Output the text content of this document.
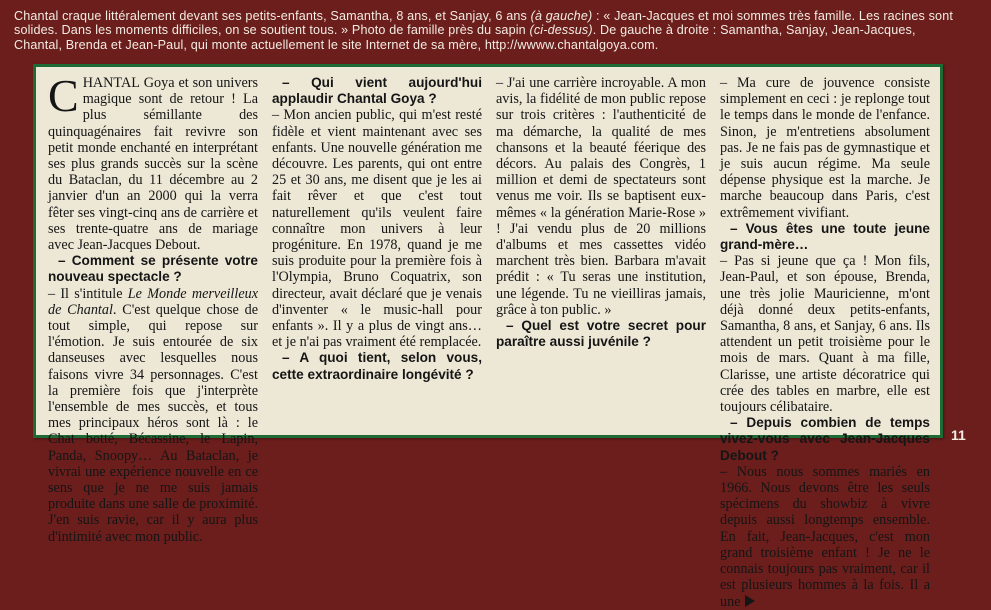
Chantal craque littéralement devant ses petits-enfants, Samantha, 8 ans, et Sanjay, 6 ans (à gauche) : « Jean-Jacques et moi sommes très famille. Les racines sont solides. Dans les moments difficiles, on se soutient tous. » Photo de famille près du sapin (ci-dessus). De gauche à droite : Samantha, Sanjay, Jean-Jacques, Chantal, Brenda et Jean-Paul, qui monte actuellement le site Internet de sa mère, http://wwww.chantalgoya.com.

CHANTAL Goya et son univers magique sont de retour ! La plus sémillante des quinquagénaires fait revivre son petit monde enchanté en interprétant ses plus grands succès sur la scène du Bataclan, du 11 décembre au 2 janvier d'un an 2000 qui la verra fêter ses vingt-cinq ans de carrière et ses trente-quatre ans de mariage avec Jean-Jacques Debout.

– Comment se présente votre nouveau spectacle ?

– Il s'intitule Le Monde merveilleux de Chantal. C'est quelque chose de tout simple, qui repose sur l'émotion. Je suis entourée de six danseuses avec lesquelles nous faisons vivre 34 personnages. C'est la première fois que j'interprète l'ensemble de mes succès, et tous mes principaux héros sont là : le Chat botté, Bécassine, le Lapin, Panda, Snoopy… Au Bataclan, je vivrai une expérience nouvelle en ce sens que je ne me suis jamais produite dans une salle de proximité. J'en suis ravie, car il y aura plus d'intimité avec mon public.

– Qui vient aujourd'hui applaudir Chantal Goya ?

– Mon ancien public, qui m'est resté fidèle et vient maintenant avec ses enfants. Une nouvelle génération me découvre. Les parents, qui ont entre 25 et 30 ans, me disent que je les ai fait rêver et que c'est tout naturellement qu'ils veulent faire connaître mon univers à leur progéniture. En 1978, quand je me suis produite pour la première fois à l'Olympia, Bruno Coquatrix, son directeur, avait déclaré que je venais d'inventer « le music-hall pour enfants ». Il y a plus de vingt ans… et je n'ai pas vraiment été remplacée.

– A quoi tient, selon vous, cette extraordinaire longévité ?

– J'ai une carrière incroyable. A mon avis, la fidélité de mon public repose sur trois critères : l'authenticité de ma démarche, la qualité de mes chansons et la beauté féerique des décors. Au palais des Congrès, 1 million et demi de spectateurs sont venus me voir. Ils se baptisent eux-mêmes « la génération Marie-Rose » ! J'ai vendu plus de 20 millions d'albums et mes cassettes vidéo marchent très bien. Barbara m'avait prédit : « Tu seras une institution, une légende. Tu ne vieilliras jamais, grâce à ton public. »

– Quel est votre secret pour paraître aussi juvénile ?

– Ma cure de jouvence consiste simplement en ceci : je replonge tout le temps dans le monde de l'enfance. Sinon, je m'entretiens absolument pas. Je ne fais pas de gymnastique et je suis aucun régime. Ma seule dépense physique est la marche. Je marche beaucoup dans Paris, c'est extrêmement vivifiant.

– Vous êtes une toute jeune grand-mère…

– Pas si jeune que ça ! Mon fils, Jean-Paul, et son épouse, Brenda, une très jolie Mauricienne, m'ont déjà donné deux petits-enfants, Samantha, 8 ans, et Sanjay, 6 ans. Ils attendent un petit troisième pour le mois de mars. Quant à ma fille, Clarisse, une artiste décoratrice qui crée des tables en marbre, elle est toujours célibataire.

– Depuis combien de temps vivez-vous avec Jean-Jacques Debout ?

– Nous nous sommes mariés en 1966. Nous devons être les seuls spécimens du showbiz à vivre depuis aussi longtemps ensemble. En fait, Jean-Jacques, c'est mon grand troisième enfant ! Je ne le connais toujours pas vraiment, car il est plusieurs hommes à la fois. Il a une

11
